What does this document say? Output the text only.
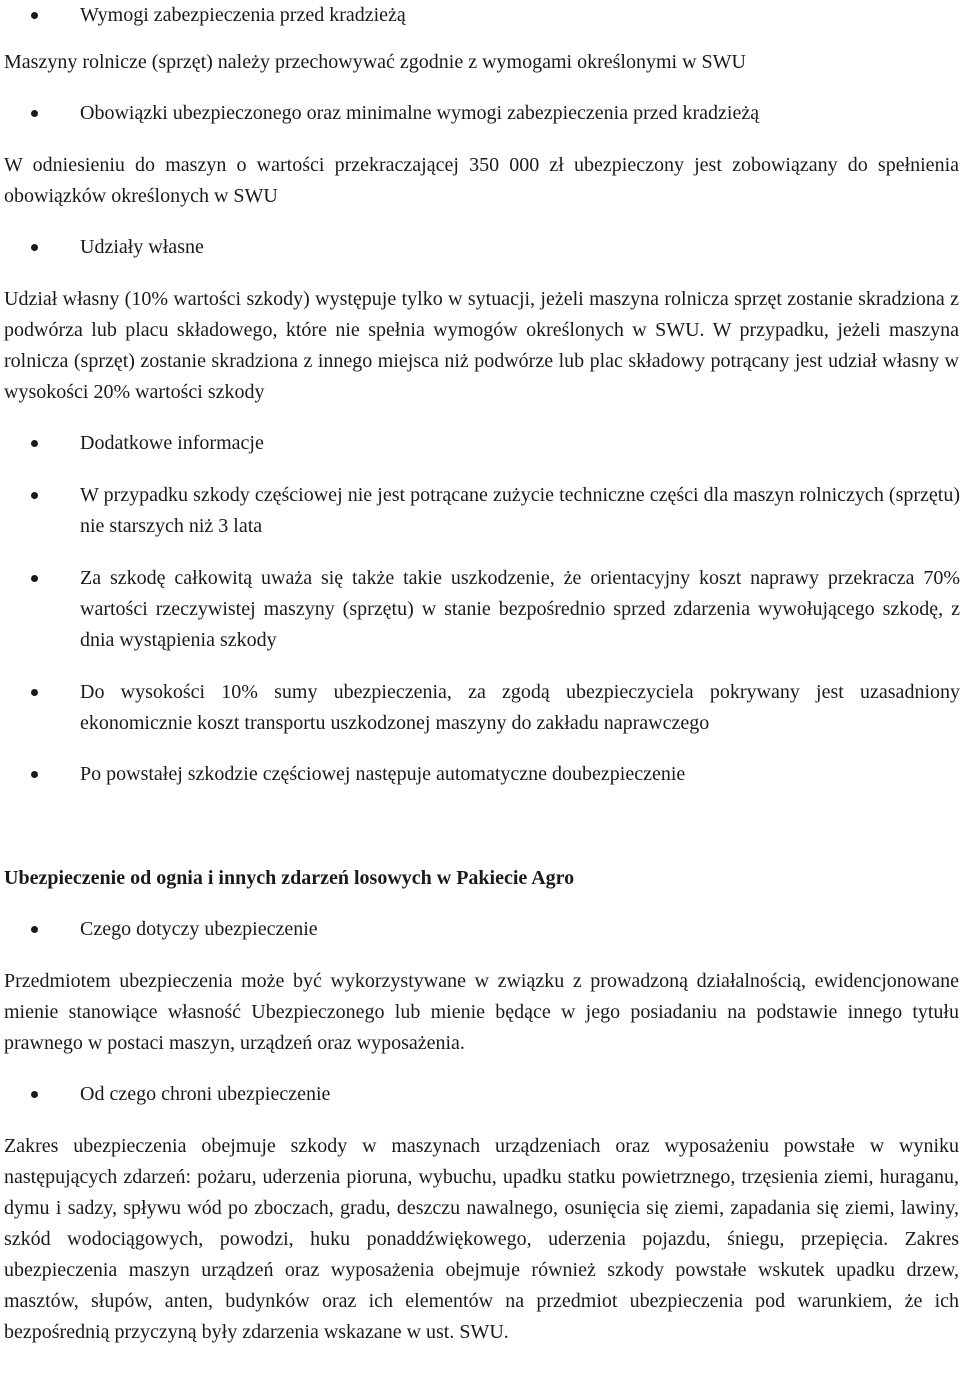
Wymogi zabezpieczenia przed kradzieżą

Maszyny rolnicze (sprzęt) należy przechowywać zgodnie z wymogami określonymi w SWU

Obowiązki ubezpieczonego oraz minimalne wymogi zabezpieczenia przed kradzieżą

W odniesieniu do maszyn o wartości przekraczającej 350 000 zł ubezpieczony jest zobowiązany do spełnienia obowiązków określonych w SWU

Udziały własne

Udział własny (10% wartości szkody) występuje tylko w sytuacji, jeżeli maszyna rolnicza sprzęt zostanie skradziona z podwórza lub placu składowego, które nie spełnia wymogów określonych w SWU. W przypadku, jeżeli maszyna rolnicza (sprzęt) zostanie skradziona z innego miejsca niż podwórze lub plac składowy potrącany jest udział własny w wysokości 20% wartości szkody

Dodatkowe informacje

W przypadku szkody częściowej nie jest potrącane zużycie techniczne części dla maszyn rolniczych (sprzętu) nie starszych niż 3 lata

Za szkodę całkowitą uważa się także takie uszkodzenie, że orientacyjny koszt naprawy przekracza 70% wartości rzeczywistej maszyny (sprzętu) w stanie bezpośrednio sprzed zdarzenia wywołującego szkodę, z dnia wystąpienia szkody

Do wysokości 10% sumy ubezpieczenia, za zgodą ubezpieczyciela pokrywany jest uzasadniony ekonomicznie koszt transportu uszkodzonej maszyny do zakładu naprawczego

Po powstałej szkodzie częściowej następuje automatyczne doubezpieczenie

Ubezpieczenie od ognia i innych zdarzeń losowych w Pakiecie Agro

Czego dotyczy ubezpieczenie

Przedmiotem ubezpieczenia może być wykorzystywane w związku z prowadzoną działalnością, ewidencjonowane mienie stanowiące własność Ubezpieczonego lub mienie będące w jego posiadaniu na podstawie innego tytułu prawnego w postaci maszyn, urządzeń oraz wyposażenia.

Od czego chroni ubezpieczenie

Zakres ubezpieczenia obejmuje szkody w maszynach urządzeniach oraz wyposażeniu powstałe w wyniku następujących zdarzeń: pożaru, uderzenia pioruna, wybuchu, upadku statku powietrznego, trzęsienia ziemi, huraganu, dymu i sadzy, spływu wód po zboczach, gradu, deszczu nawalnego, osunięcia się ziemi, zapadania się ziemi, lawiny, szkód wodociągowych, powodzi, huku ponaddźwiękowego, uderzenia pojazdu, śniegu, przepięcia. Zakres ubezpieczenia maszyn urządzeń oraz wyposażenia obejmuje również szkody powstałe wskutek upadku drzew, masztów, słupów, anten, budynków oraz ich elementów na przedmiot ubezpieczenia pod warunkiem, że ich bezpośrednią przyczyną były zdarzenia wskazane w ust. SWU.
